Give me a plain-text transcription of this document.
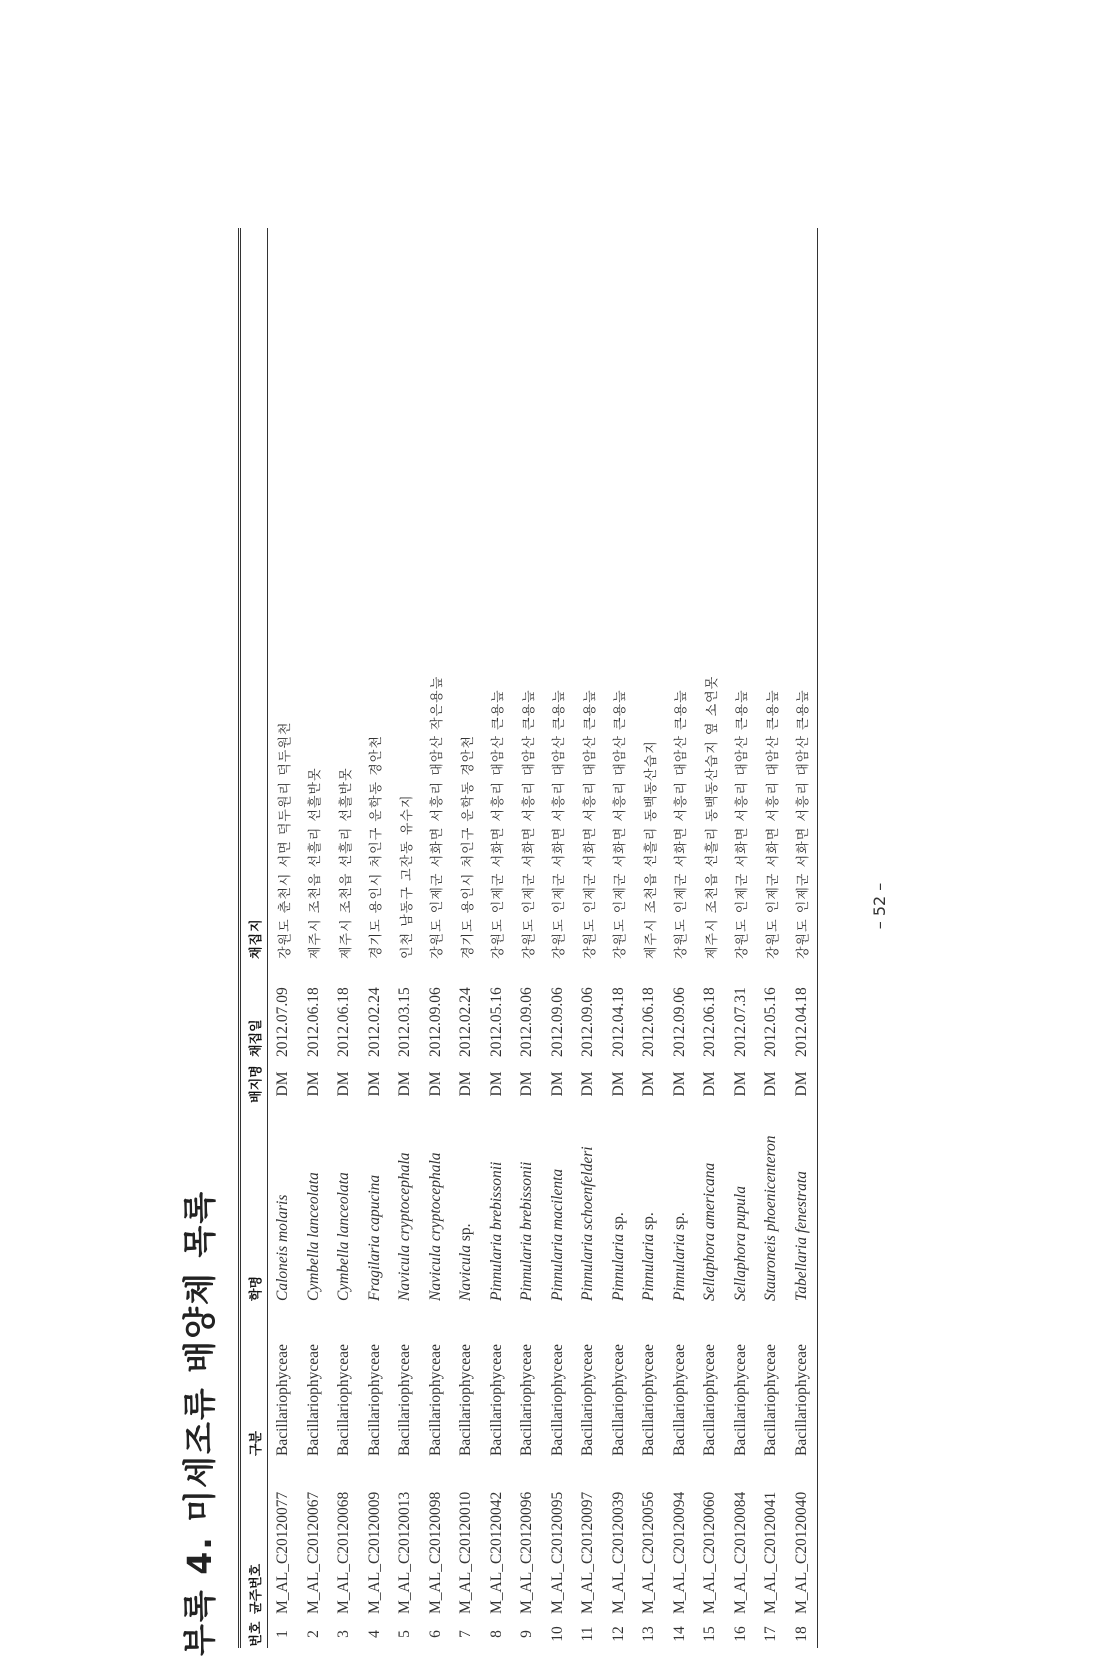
부록 4. 미세조류 배양체 목록	번호
균주번호
구분
학명
배지명
채집일
채집지
1
M_AL_C20120077
Bacillariophyceae
Caloneis molaris
DM
2012.07.09
강원도 춘천시 서면 덕두원리 덕두원천
2
M_AL_C20120067
Bacillariophyceae
Cymbella lanceolata
DM
2012.06.18
제주시 조천읍 선흘리 선흘반못
3
M_AL_C20120068
Bacillariophyceae
Cymbella lanceolata
DM
2012.06.18
제주시 조천읍 선흘리 선흘반못
4
M_AL_C20120009
Bacillariophyceae
Fragilaria capucina
DM
2012.02.24
경기도 용인시 처인구 운학동 경안천
5
M_AL_C20120013
Bacillariophyceae
Navicula cryptocephala
DM
2012.03.15
인천 남동구 고잔동 유수지
6
M_AL_C20120098
Bacillariophyceae
Navicula cryptocephala
DM
2012.09.06
강원도 인제군 서화면 서흥리 대암산 작은용늪
7
M_AL_C20120010
Bacillariophyceae
Navicula sp.
DM
2012.02.24
경기도 용인시 처인구 운학동 경안천
8
M_AL_C20120042
Bacillariophyceae
Pinnularia brebissonii
DM
2012.05.16
강원도 인제군 서화면 서흥리 대암산 큰용늪
9
M_AL_C20120096
Bacillariophyceae
Pinnularia brebissonii
DM
2012.09.06
강원도 인제군 서화면 서흥리 대암산 큰용늪
10
M_AL_C20120095
Bacillariophyceae
Pinnularia macilenta
DM
2012.09.06
강원도 인제군 서화면 서흥리 대암산 큰용늪
11
M_AL_C20120097
Bacillariophyceae
Pinnularia schoenfelderi
DM
2012.09.06
강원도 인제군 서화면 서흥리 대암산 큰용늪
12
M_AL_C20120039
Bacillariophyceae
Pinnularia sp.
DM
2012.04.18
강원도 인제군 서화면 서흥리 대암산 큰용늪
13
M_AL_C20120056
Bacillariophyceae
Pinnularia sp.
DM
2012.06.18
제주시 조천읍 선흘리 동백동산습지
14
M_AL_C20120094
Bacillariophyceae
Pinnularia sp.
DM
2012.09.06
강원도 인제군 서화면 서흥리 대암산 큰용늪
15
M_AL_C20120060
Bacillariophyceae
Sellaphora americana
DM
2012.06.18
제주시 조천읍 선흘리 동백동산습지 옆 소연못
16
M_AL_C20120084
Bacillariophyceae
Sellaphora pupula
DM
2012.07.31
강원도 인제군 서화면 서흥리 대암산 큰용늪
17
M_AL_C20120041
Bacillariophyceae
Stauroneis phoenicenteron
DM
2012.05.16
강원도 인제군 서화면 서흥리 대암산 큰용늪
18
M_AL_C20120040
Bacillariophyceae
Tabellaria fenestrata
DM
2012.04.18
강원도 인제군 서화면 서흥리 대암산 큰용늪	– 52 –
